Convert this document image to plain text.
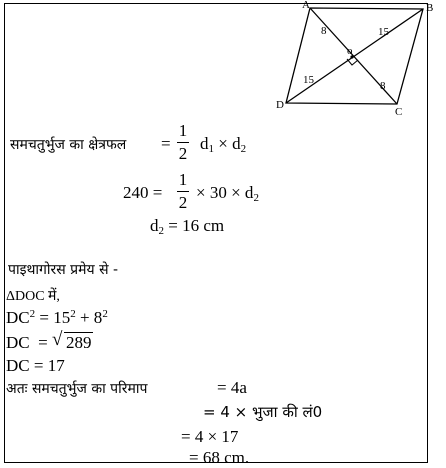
A	B
C
D
o
8	15
15	8
समचतुर्भुज का क्षेत्रफल =
1
2
$d_1 \times d_2$
240 =
1
2
× $30 \times d_2$
$d_2 = 16$ cm
पाइथागोरस प्रमेय से -
ΔDOC में,
$DC^2 = 15^2 + 8^2$
DC  = √ 289
DC = 17
अतः समचतुर्भुज का परिमाप	= 4a
= 4 × भुजा की लं0
= 4 × 17
= 68 cm.
